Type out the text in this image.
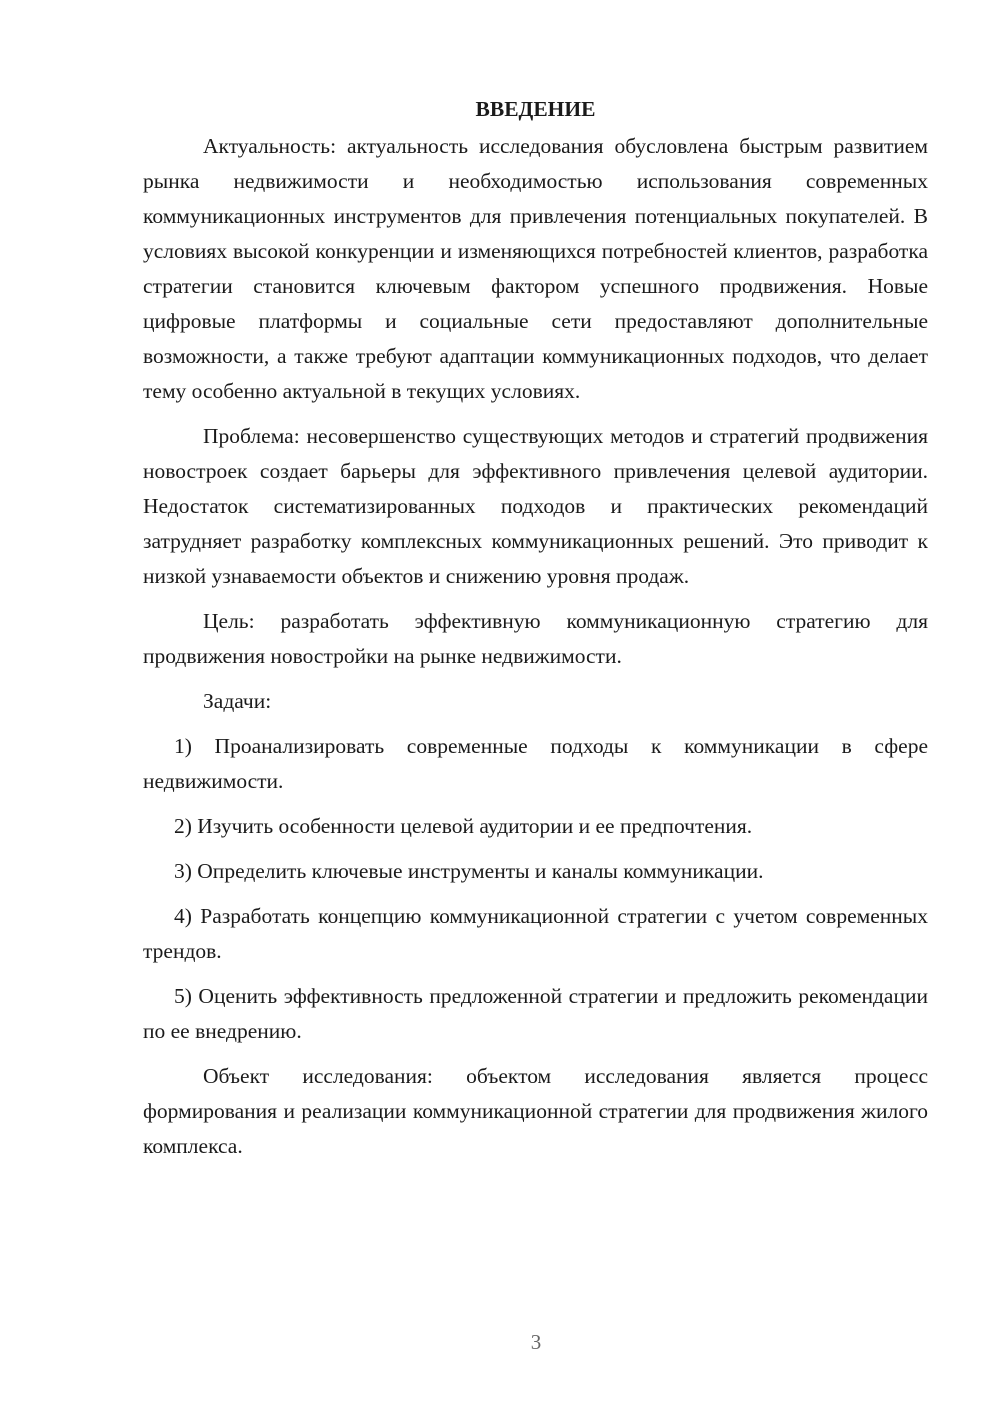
ВВЕДЕНИЕ

Актуальность: актуальность исследования обусловлена быстрым развитием рынка недвижимости и необходимостью использования современных коммуникационных инструментов для привлечения потенциальных покупателей. В условиях высокой конкуренции и изменяющихся потребностей клиентов, разработка стратегии становится ключевым фактором успешного продвижения. Новые цифровые платформы и социальные сети предоставляют дополнительные возможности, а также требуют адаптации коммуникационных подходов, что делает тему особенно актуальной в текущих условиях.

Проблема: несовершенство существующих методов и стратегий продвижения новостроек создает барьеры для эффективного привлечения целевой аудитории. Недостаток систематизированных подходов и практических рекомендаций затрудняет разработку комплексных коммуникационных решений. Это приводит к низкой узнаваемости объектов и снижению уровня продаж.

Цель: разработать эффективную коммуникационную стратегию для продвижения новостройки на рынке недвижимости.

Задачи:

1) Проанализировать современные подходы к коммуникации в сфере недвижимости.

2) Изучить особенности целевой аудитории и ее предпочтения.

3) Определить ключевые инструменты и каналы коммуникации.

4) Разработать концепцию коммуникационной стратегии с учетом современных трендов.

5) Оценить эффективность предложенной стратегии и предложить рекомендации по ее внедрению.

Объект исследования: объектом исследования является процесс формирования и реализации коммуникационной стратегии для продвижения жилого комплекса.

3
